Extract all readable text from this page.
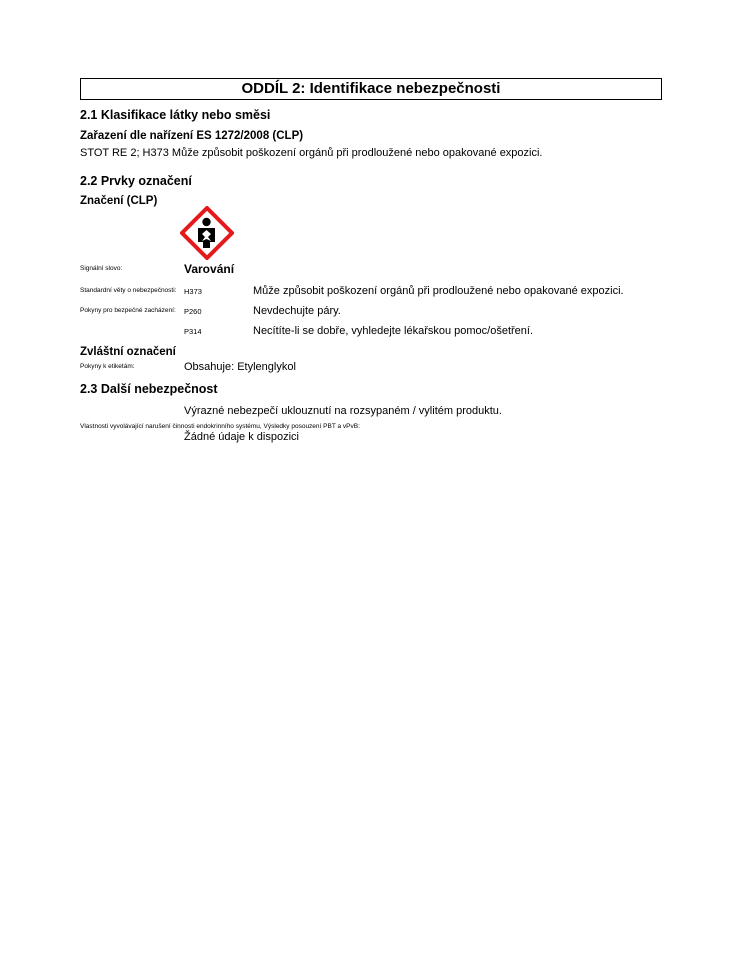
ODDÍL 2: Identifikace nebezpečnosti
2.1 Klasifikace látky nebo směsi
Zařazení dle nařízení ES 1272/2008 (CLP)
STOT RE 2; H373 Může způsobit poškození orgánů při prodloužené nebo opakované expozici.
2.2 Prvky označení
Značení (CLP)
Signální slovo:	Varování
Standardní věty o nebezpečnosti: H373	Může způsobit poškození orgánů při prodloužené nebo opakované expozici.
Pokyny pro bezpečné zacházení: P260	Nevdechujte páry.
P314	Necítíte-li se dobře, vyhledejte lékařskou pomoc/ošetření.
Zvláštní označení
Pokyny k etiketám:	Obsahuje: Etylenglykol
2.3 Další nebezpečnost
Výrazné nebezpečí uklouznutí na rozsypaném / vylitém produktu.
Vlastnosti vyvolávající narušení činnosti endokrinního systému, Výsledky posouzení PBT a vPvB:
Žádné údaje k dispozici
